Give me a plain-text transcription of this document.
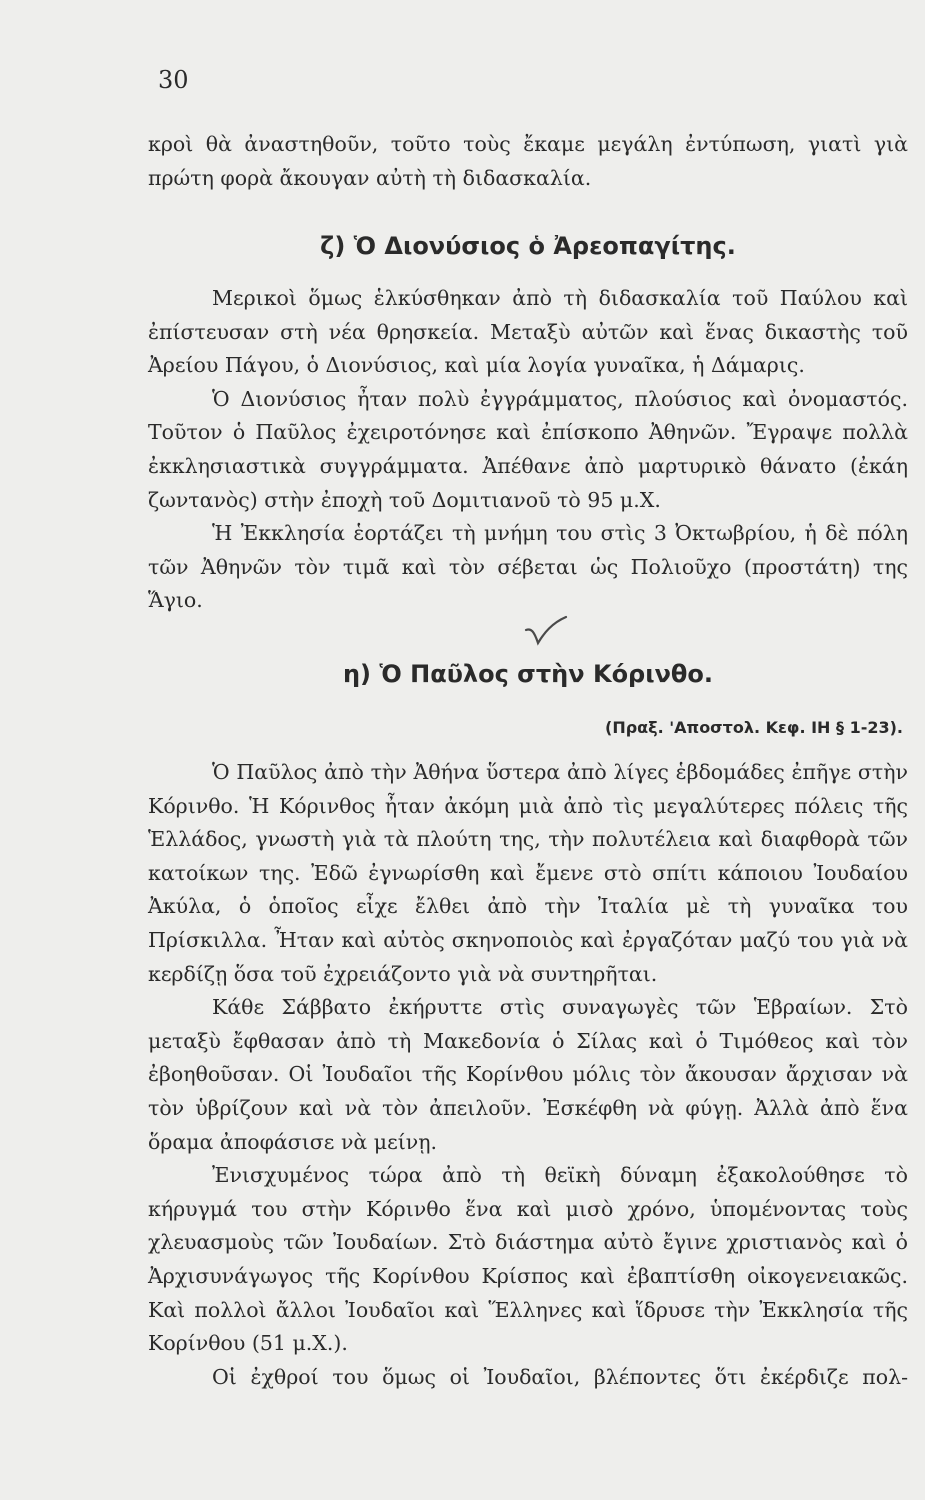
30

κροὶ θὰ ἀναστηθοῦν, τοῦτο τοὺς ἔκαμε μεγάλη ἐντύπωση, γιατὶ γιὰ πρώτη φορὰ ἄκουγαν αὐτὴ τὴ διδασκαλία.

ζ) Ὁ Διονύσιος ὁ Ἀρεοπαγίτης.

Μερικοὶ ὅμως ἑλκύσθηκαν ἀπὸ τὴ διδασκαλία τοῦ Παύλου καὶ ἐπίστευσαν στὴ νέα θρησκεία. Μεταξὺ αὐτῶν καὶ ἕνας δικαστὴς τοῦ Ἀρείου Πάγου, ὁ Διονύσιος, καὶ μία λογία γυναῖκα, ἡ Δάμαρις.

Ὁ Διονύσιος ἦταν πολὺ ἐγγράμματος, πλούσιος καὶ ὀνομαστός. Τοῦτον ὁ Παῦλος ἐχειροτόνησε καὶ ἐπίσκοπο Ἀθηνῶν. Ἔγραψε πολλὰ ἐκκλησιαστικὰ συγγράμματα. Ἀπέθανε ἀπὸ μαρτυρικὸ θάνατο (ἐκάη ζωντανὸς) στὴν ἐποχὴ τοῦ Δομιτιανοῦ τὸ 95 μ.Χ.

Ἡ Ἐκκλησία ἑορτάζει τὴ μνήμη του στὶς 3 Ὀκτωβρίου, ἡ δὲ πόλη τῶν Ἀθηνῶν τὸν τιμᾶ καὶ τὸν σέβεται ὡς Πολιοῦχο (προστάτη) της Ἅγιο.

η) Ὁ Παῦλος στὴν Κόρινθο.
(Πραξ. 'Αποστολ. Κεφ. ΙΗ § 1-23).

Ὁ Παῦλος ἀπὸ τὴν Ἀθήνα ὕστερα ἀπὸ λίγες ἑβδομάδες ἐπῆγε στὴν Κόρινθο. Ἡ Κόρινθος ἦταν ἀκόμη μιὰ ἀπὸ τὶς μεγαλύτερες πόλεις τῆς Ἑλλάδος, γνωστὴ γιὰ τὰ πλούτη της, τὴν πολυτέλεια καὶ διαφθορὰ τῶν κατοίκων της. Ἐδῶ ἐγνωρίσθη καὶ ἔμενε στὸ σπίτι κάποιου Ἰουδαίου Ἀκύλα, ὁ ὁποῖος εἶχε ἔλθει ἀπὸ τὴν Ἰταλία μὲ τὴ γυναῖκα του Πρίσκιλλα. Ἦταν καὶ αὐτὸς σκηνοποιὸς καὶ ἐργαζόταν μαζύ του γιὰ νὰ κερδίζῃ ὅσα τοῦ ἐχρειάζοντο γιὰ νὰ συντηρῆται.

Κάθε Σάββατο ἐκήρυττε στὶς συναγωγὲς τῶν Ἑβραίων. Στὸ μεταξὺ ἔφθασαν ἀπὸ τὴ Μακεδονία ὁ Σίλας καὶ ὁ Τιμόθεος καὶ τὸν ἐβοηθοῦσαν. Οἱ Ἰουδαῖοι τῆς Κορίνθου μόλις τὸν ἄκουσαν ἄρχισαν νὰ τὸν ὑβρίζουν καὶ νὰ τὸν ἀπειλοῦν. Ἐσκέφθη νὰ φύγῃ. Ἀλλὰ ἀπὸ ἕνα ὅραμα ἀποφάσισε νὰ μείνῃ.

Ἐνισχυμένος τώρα ἀπὸ τὴ θεϊκὴ δύναμη ἐξακολούθησε τὸ κήρυγμά του στὴν Κόρινθο ἕνα καὶ μισὸ χρόνο, ὑπομένοντας τοὺς χλευασμοὺς τῶν Ἰουδαίων. Στὸ διάστημα αὐτὸ ἔγινε χριστιανὸς καὶ ὁ Ἀρχισυνάγωγος τῆς Κορίνθου Κρίσπος καὶ ἐβαπτίσθη οἰκογενειακῶς. Καὶ πολλοὶ ἄλλοι Ἰουδαῖοι καὶ Ἕλληνες καὶ ἵδρυσε τὴν Ἐκκλησία τῆς Κορίνθου (51 μ.Χ.).

Οἱ ἐχθροί του ὅμως οἱ Ἰουδαῖοι, βλέποντες ὅτι ἐκέρδιζε πολ-
